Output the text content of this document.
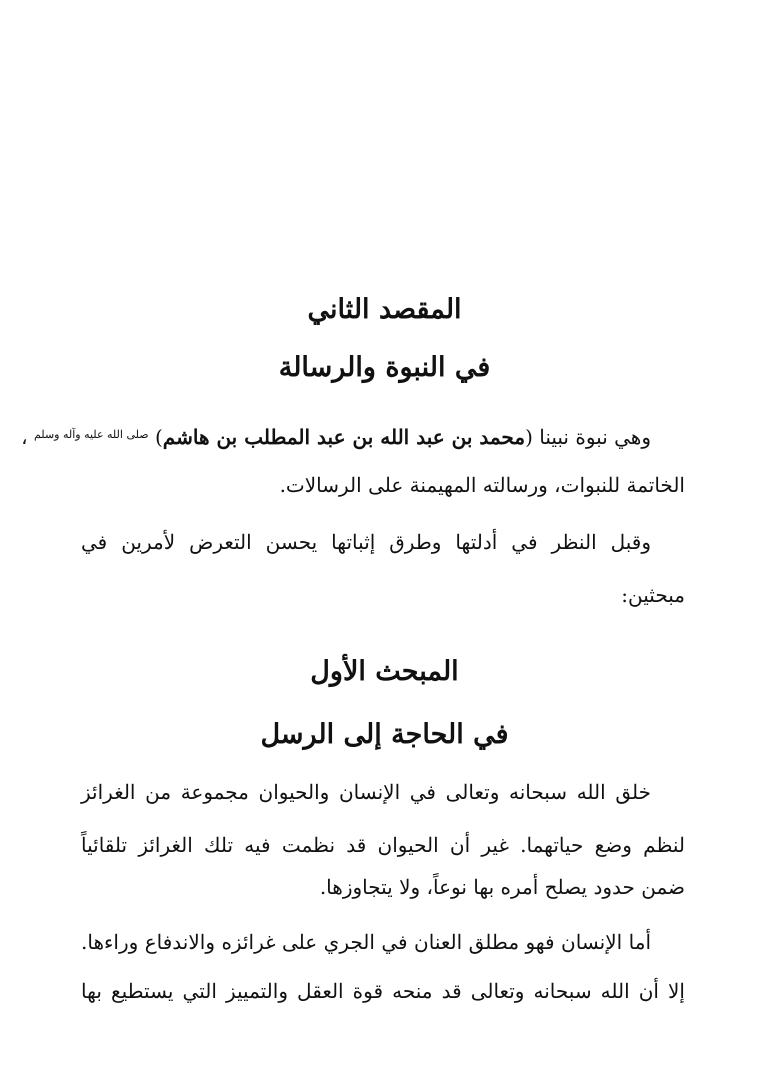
المقصد الثاني
في النبوة والرسالة
وهي نبوة نبينا (محمد بن عبد الله بن عبد المطلب بن هاشم) $^{صلى الله عليه وآله وسلم}$ ،
الخاتمة للنبوات، ورسالته المهيمنة على الرسالات.
وقبل النظر في أدلتها وطرق إثباتها يحسن التعرض لأمرين في
مبحثين:
المبحث الأول
في الحاجة إلى الرسل
خلق الله سبحانه وتعالى في الإنسان والحيوان مجموعة من الغرائز
لنظم وضع حياتهما. غير أن الحيوان قد نظمت فيه تلك الغرائز تلقائياً
ضمن حدود يصلح أمره بها نوعاً، ولا يتجاوزها.
أما الإنسان فهو مطلق العنان في الجري على غرائزه والاندفاع وراءها.
إلا أن الله سبحانه وتعالى قد منحه قوة العقل والتمييز التي يستطيع بها
